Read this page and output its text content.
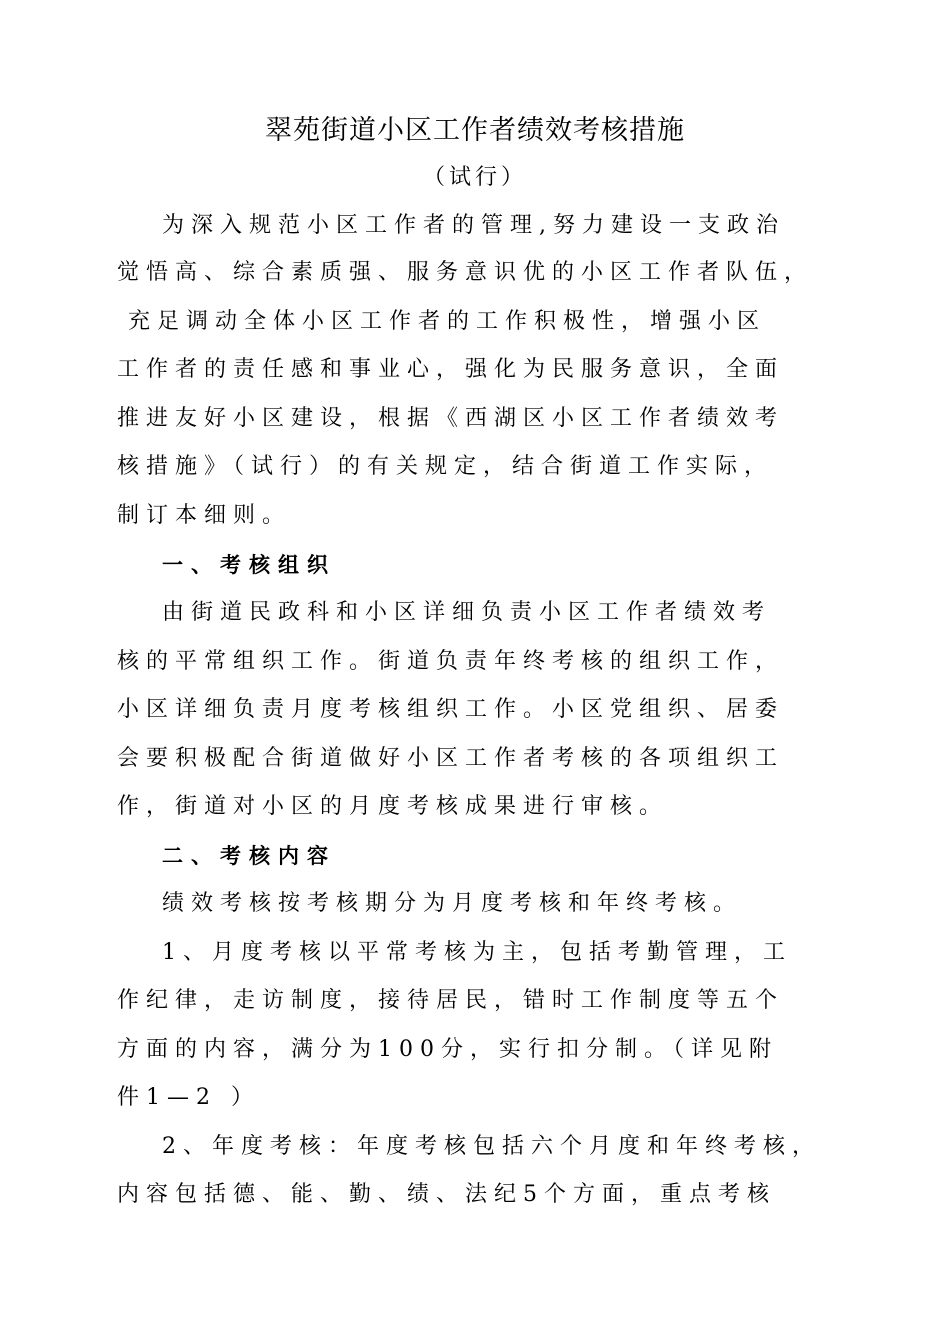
翠苑街道小区工作者绩效考核措施
（试行）
为深入规范小区工作者的管理,努力建设一支政治
觉悟高、综合素质强、服务意识优的小区工作者队伍，
充足调动全体小区工作者的工作积极性，增强小区
工作者的责任感和事业心，强化为民服务意识，全面
推进友好小区建设，根据《西湖区小区工作者绩效考
核措施》（试行）的有关规定，结合街道工作实际，
制订本细则。
一、考核组织
由街道民政科和小区详细负责小区工作者绩效考
核的平常组织工作。街道负责年终考核的组织工作，
小区详细负责月度考核组织工作。小区党组织、居委
会要积极配合街道做好小区工作者考核的各项组织工
作，街道对小区的月度考核成果进行审核。
二、考核内容
绩效考核按考核期分为月度考核和年终考核。
1、月度考核以平常考核为主，包括考勤管理，工
作纪律，走访制度，接待居民，错时工作制度等五个
方面的内容，满分为100分，实行扣分制。（详见附
件1—2 ）
2、年度考核：年度考核包括六个月度和年终考核，
内容包括德、能、勤、绩、法纪5个方面，重点考核
